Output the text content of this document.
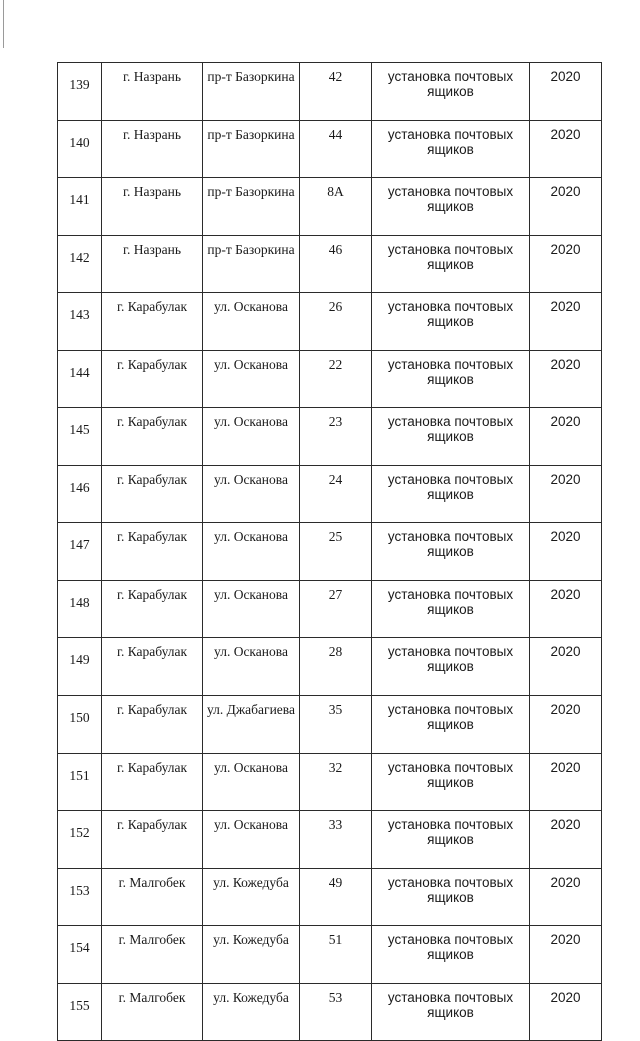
139	г. Назрань	пр-т Базоркина	42	установка почтовых ящиков	2020
140	г. Назрань	пр-т Базоркина	44	установка почтовых ящиков	2020
141	г. Назрань	пр-т Базоркина	8А	установка почтовых ящиков	2020
142	г. Назрань	пр-т Базоркина	46	установка почтовых ящиков	2020
143	г. Карабулак	ул. Осканова	26	установка почтовых ящиков	2020
144	г. Карабулак	ул. Осканова	22	установка почтовых ящиков	2020
145	г. Карабулак	ул. Осканова	23	установка почтовых ящиков	2020
146	г. Карабулак	ул. Осканова	24	установка почтовых ящиков	2020
147	г. Карабулак	ул. Осканова	25	установка почтовых ящиков	2020
148	г. Карабулак	ул. Осканова	27	установка почтовых ящиков	2020
149	г. Карабулак	ул. Осканова	28	установка почтовых ящиков	2020
150	г. Карабулак	ул. Джабагиева	35	установка почтовых ящиков	2020
151	г. Карабулак	ул. Осканова	32	установка почтовых ящиков	2020
152	г. Карабулак	ул. Осканова	33	установка почтовых ящиков	2020
153	г. Малгобек	ул. Кожедуба	49	установка почтовых ящиков	2020
154	г. Малгобек	ул. Кожедуба	51	установка почтовых ящиков	2020
155	г. Малгобек	ул. Кожедуба	53	установка почтовых ящиков	2020
